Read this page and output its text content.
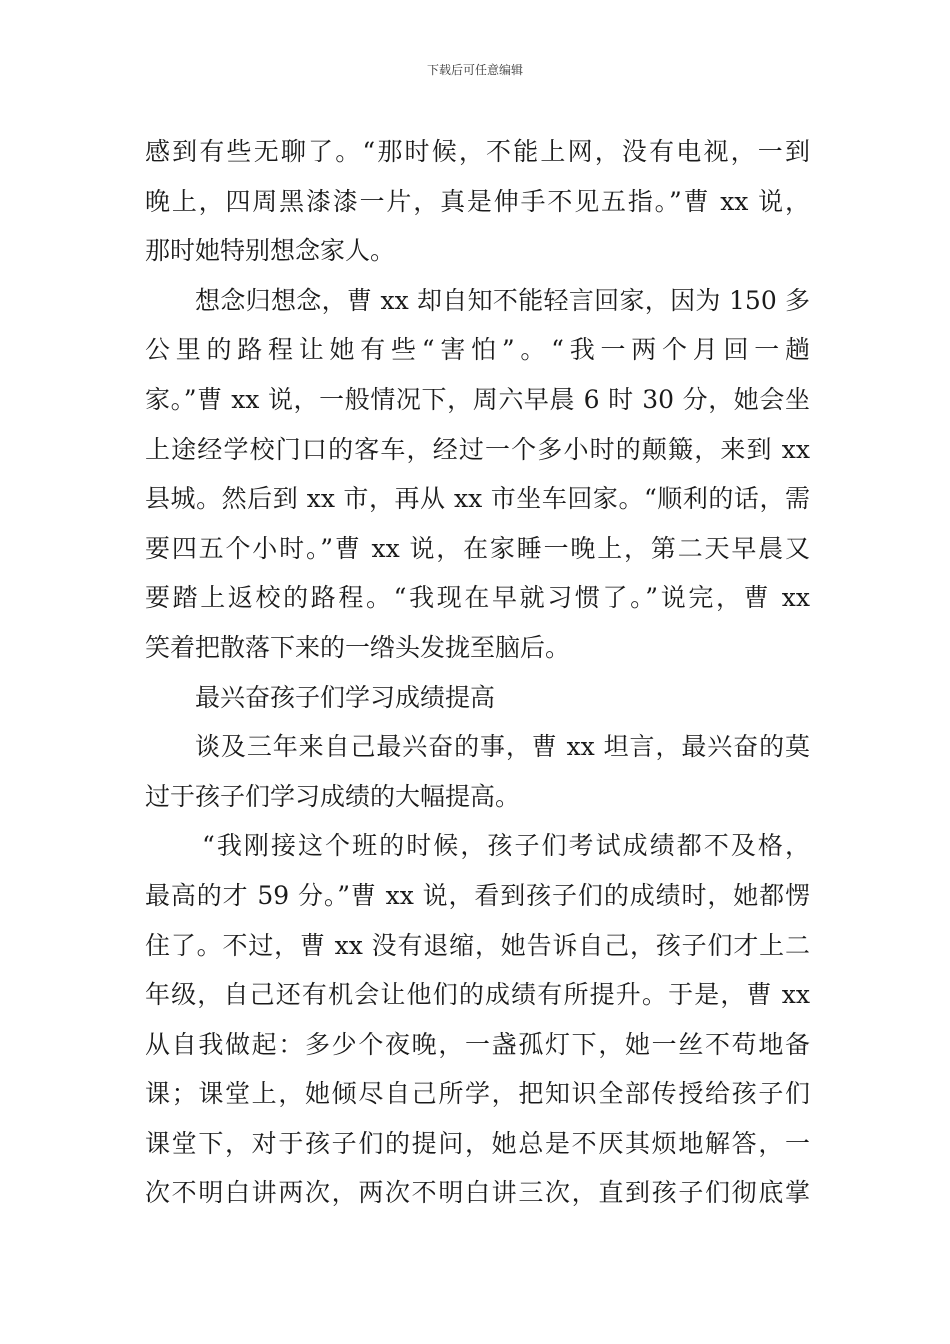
下载后可任意编辑
感到有些无聊了。“那时候，不能上网，没有电视，一到
晚上，四周黑漆漆一片，真是伸手不见五指。”曹 xx 说，
那时她特别想念家人。
想念归想念，曹 xx 却自知不能轻言回家，因为 150 多
公里的路程让她有些“害怕”。“我一两个月回一趟
家。”曹 xx 说，一般情况下，周六早晨 6 时 30 分，她会坐
上途经学校门口的客车，经过一个多小时的颠簸，来到 xx
县城。然后到 xx 市，再从 xx 市坐车回家。“顺利的话，需
要四五个小时。”曹 xx 说，在家睡一晚上，第二天早晨又
要踏上返校的路程。“我现在早就习惯了。”说完，曹 xx
笑着把散落下来的一绺头发拢至脑后。
最兴奋孩子们学习成绩提高
谈及三年来自己最兴奋的事，曹 xx 坦言，最兴奋的莫
过于孩子们学习成绩的大幅提高。
“我刚接这个班的时候，孩子们考试成绩都不及格，
最高的才 59 分。”曹 xx 说，看到孩子们的成绩时，她都愣
住了。不过，曹 xx 没有退缩，她告诉自己，孩子们才上二
年级，自己还有机会让他们的成绩有所提升。于是，曹 xx
从自我做起：多少个夜晚，一盏孤灯下，她一丝不苟地备
课；课堂上，她倾尽自己所学，把知识全部传授给孩子们
课堂下，对于孩子们的提问，她总是不厌其烦地解答，一
次不明白讲两次，两次不明白讲三次，直到孩子们彻底掌
